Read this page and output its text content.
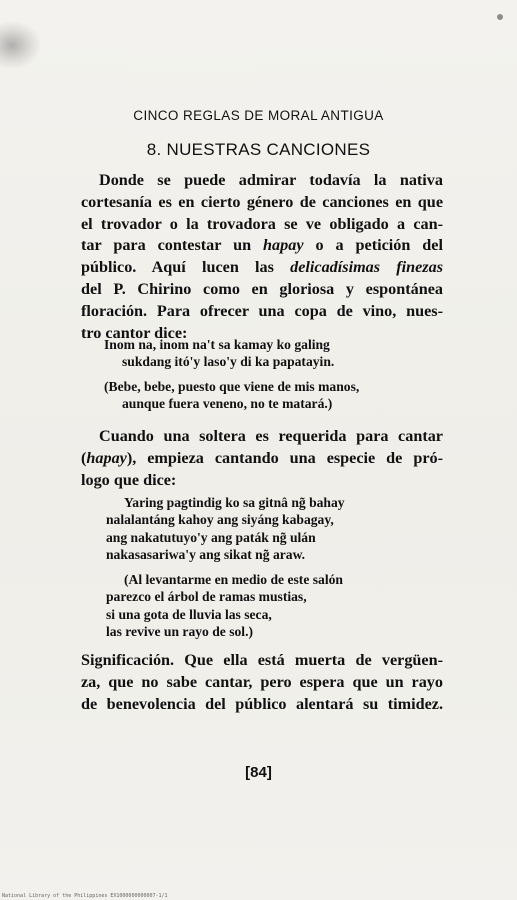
CINCO REGLAS DE MORAL ANTIGUA
8. NUESTRAS CANCIONES
Donde se puede admirar todavía la nativa
cortesanía es en cierto género de canciones en que
el trovador o la trovadora se ve obligado a can-
tar para contestar un hapay o a petición del
público. Aquí lucen las delicadísimas finezas
del P. Chirino como en gloriosa y espontánea
floración. Para ofrecer una copa de vino, nues-
tro cantor dice:
Inom na, inom na't sa kamay ko galing
sukdang itó'y laso'y di ka papatayin.
(Bebe, bebe, puesto que viene de mis manos,
aunque fuera veneno, no te matará.)
Cuando una soltera es requerida para cantar
(hapay), empieza cantando una especie de pró-
logo que dice:
Yaring pagtindig ko sa gitnâ ng̃ bahay
nalalantáng kahoy ang siyáng kabagay,
ang nakatutuyo'y ang paták ng̃ ulán
nakasasariwa'y ang sikat ng̃ araw.
(Al levantarme en medio de este salón
parezco el árbol de ramas mustias,
si una gota de lluvia las seca,
las revive un rayo de sol.)
Significación. Que ella está muerta de vergüen-
za, que no sabe cantar, pero espera que un rayo
de benevolencia del público alentará su timidez.
[84]
National Library of the Philippines EX1000000000007-1/1
